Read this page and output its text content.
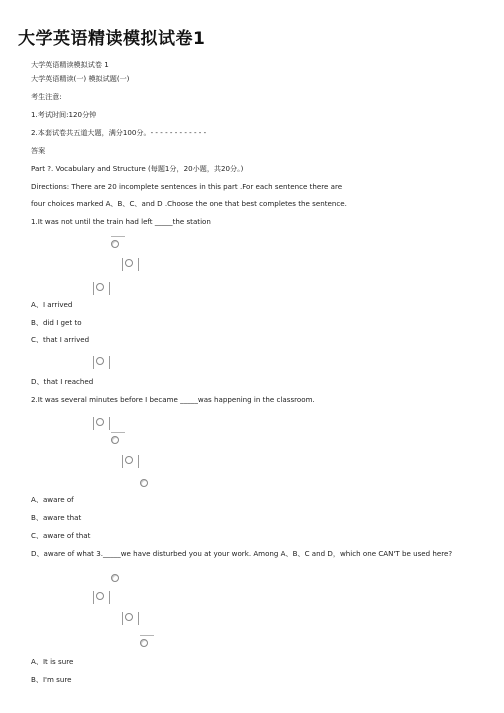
大学英语精读模拟试卷1
大学英语精读模拟试卷 1
大学英语精读(一) 模拟试题(一)
考生注意:
1.考试时间:120分钟
2.本套试卷共五道大题，满分100分。- - - - - - - - - - - -
答案
Part ?. Vocabulary and Structure (每题1分，20小题，共20分。)
Directions: There are 20 incomplete sentences in this part .For each sentence there are
four choices marked A、B、C、and D .Choose the one that best completes the sentence.
1.It was not until the train had left _____the station
A、I arrived
B、did I get to
C、that I arrived
D、that I reached
2.It was several minutes before I became _____was happening in the classroom.
A、aware of
B、aware that
C、aware of that
D、aware of what 3._____we have disturbed you at your work. Among A、B、C and D，which one CAN'T be used here?
A、It is sure
B、I'm sure
